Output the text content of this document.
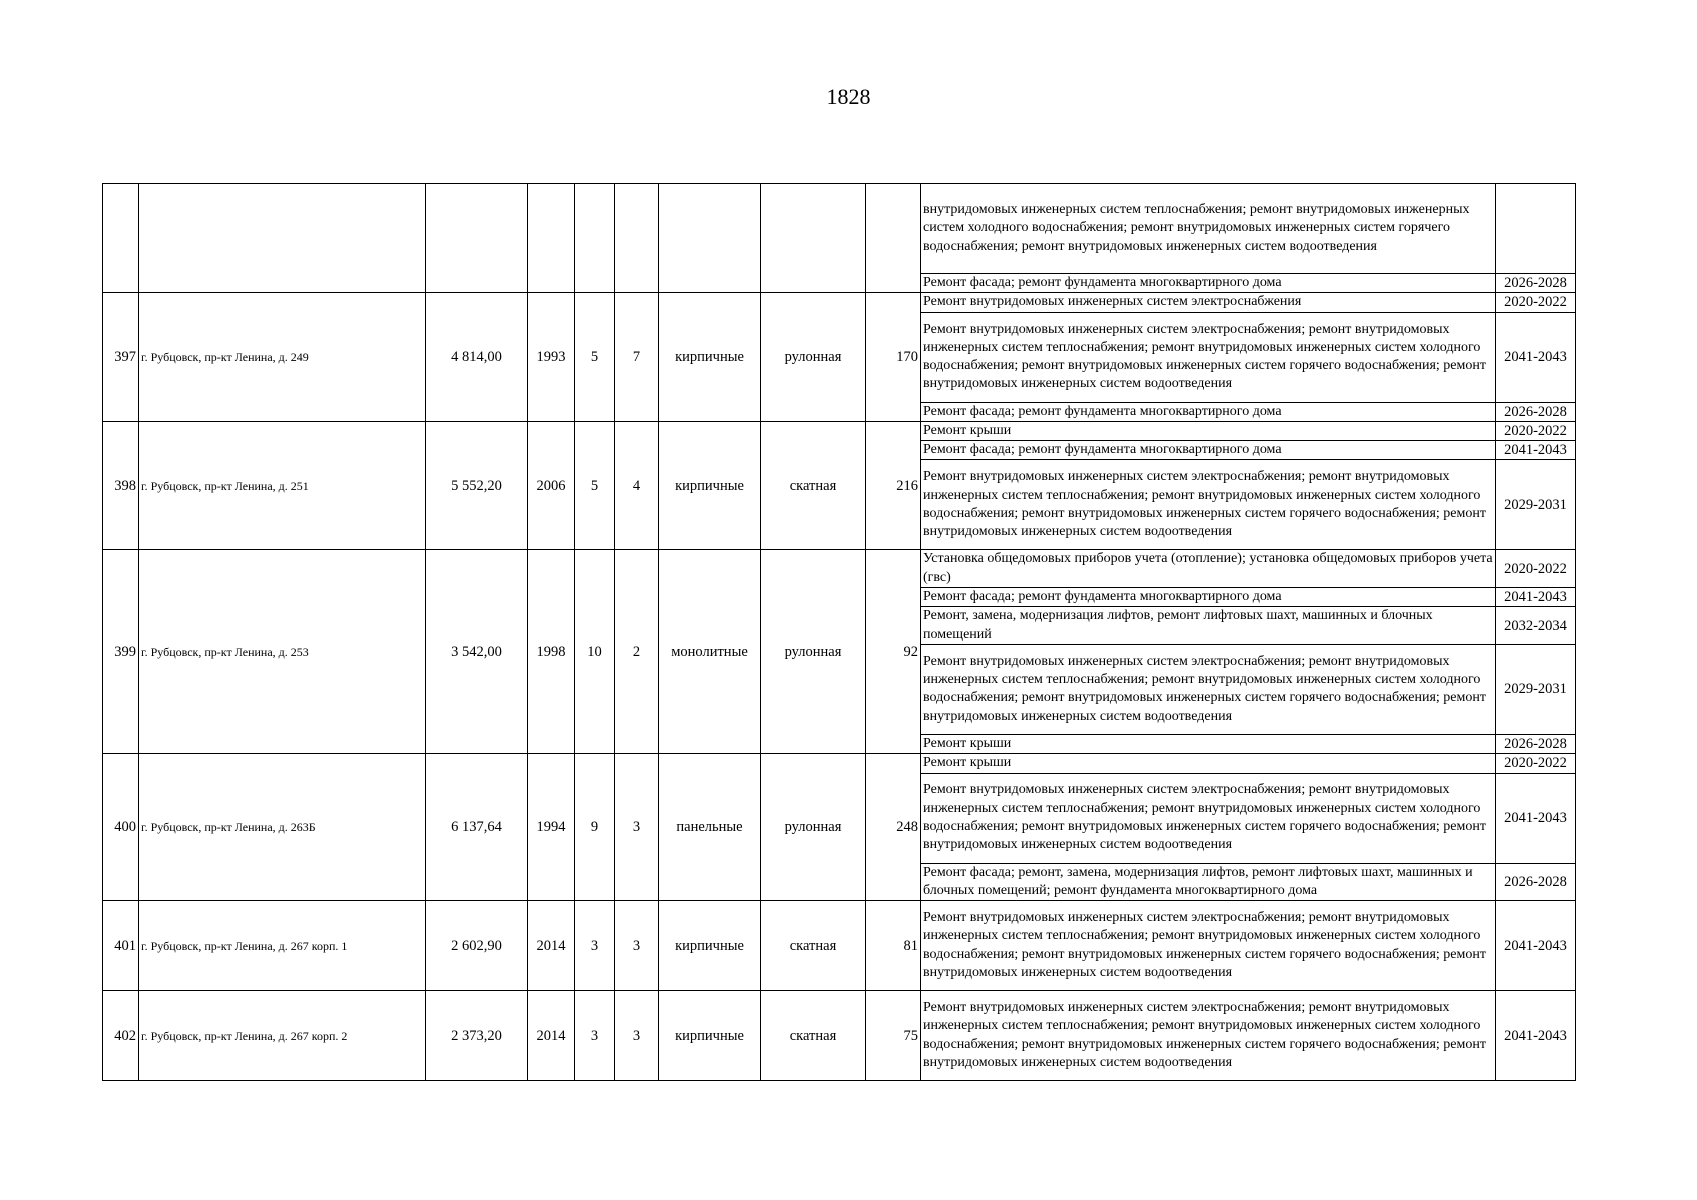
1828
									внутридомовых инженерных систем теплоснабжения; ремонт внутридомовых инженерных систем холодного водоснабжения; ремонт внутридомовых инженерных систем горячего водоснабжения; ремонт внутридомовых инженерных систем водоотведения	
									Ремонт фасада; ремонт фундамента многоквартирного дома	2026-2028
397	г. Рубцовск, пр-кт Ленина, д. 249	4 814,00	1993	5	7	кирпичные	рулонная	170	Ремонт внутридомовых инженерных систем электроснабжения	2020-2022
									Ремонт внутридомовых инженерных систем электроснабжения; ремонт внутридомовых инженерных систем теплоснабжения; ремонт внутридомовых инженерных систем холодного водоснабжения; ремонт внутридомовых инженерных систем горячего водоснабжения; ремонт внутридомовых инженерных систем водоотведения	2041-2043
									Ремонт фасада; ремонт фундамента многоквартирного дома	2026-2028
398	г. Рубцовск, пр-кт Ленина, д. 251	5 552,20	2006	5	4	кирпичные	скатная	216	Ремонт крыши	2020-2022
									Ремонт фасада; ремонт фундамента многоквартирного дома	2041-2043
									Ремонт внутридомовых инженерных систем электроснабжения; ремонт внутридомовых инженерных систем теплоснабжения; ремонт внутридомовых инженерных систем холодного водоснабжения; ремонт внутридомовых инженерных систем горячего водоснабжения; ремонт внутридомовых инженерных систем водоотведения	2029-2031
399	г. Рубцовск, пр-кт Ленина, д. 253	3 542,00	1998	10	2	монолитные	рулонная	92	Установка общедомовых приборов учета (отопление); установка общедомовых приборов учета (гвс)	2020-2022
									Ремонт фасада; ремонт фундамента многоквартирного дома	2041-2043
									Ремонт, замена, модернизация лифтов, ремонт лифтовых шахт, машинных и блочных помещений	2032-2034
									Ремонт внутридомовых инженерных систем электроснабжения; ремонт внутридомовых инженерных систем теплоснабжения; ремонт внутридомовых инженерных систем холодного водоснабжения; ремонт внутридомовых инженерных систем горячего водоснабжения; ремонт внутридомовых инженерных систем водоотведения	2029-2031
									Ремонт крыши	2026-2028
400	г. Рубцовск, пр-кт Ленина, д. 263Б	6 137,64	1994	9	3	панельные	рулонная	248	Ремонт крыши	2020-2022
									Ремонт внутридомовых инженерных систем электроснабжения; ремонт внутридомовых инженерных систем теплоснабжения; ремонт внутридомовых инженерных систем холодного водоснабжения; ремонт внутридомовых инженерных систем горячего водоснабжения; ремонт внутридомовых инженерных систем водоотведения	2041-2043
									Ремонт фасада; ремонт, замена, модернизация лифтов, ремонт лифтовых шахт, машинных и блочных помещений; ремонт фундамента многоквартирного дома	2026-2028
401	г. Рубцовск, пр-кт Ленина, д. 267 корп. 1	2 602,90	2014	3	3	кирпичные	скатная	81	Ремонт внутридомовых инженерных систем электроснабжения; ремонт внутридомовых инженерных систем теплоснабжения; ремонт внутридомовых инженерных систем холодного водоснабжения; ремонт внутридомовых инженерных систем горячего водоснабжения; ремонт внутридомовых инженерных систем водоотведения	2041-2043
402	г. Рубцовск, пр-кт Ленина, д. 267 корп. 2	2 373,20	2014	3	3	кирпичные	скатная	75	Ремонт внутридомовых инженерных систем электроснабжения; ремонт внутридомовых инженерных систем теплоснабжения; ремонт внутридомовых инженерных систем холодного водоснабжения; ремонт внутридомовых инженерных систем горячего водоснабжения; ремонт внутридомовых инженерных систем водоотведения	2041-2043
